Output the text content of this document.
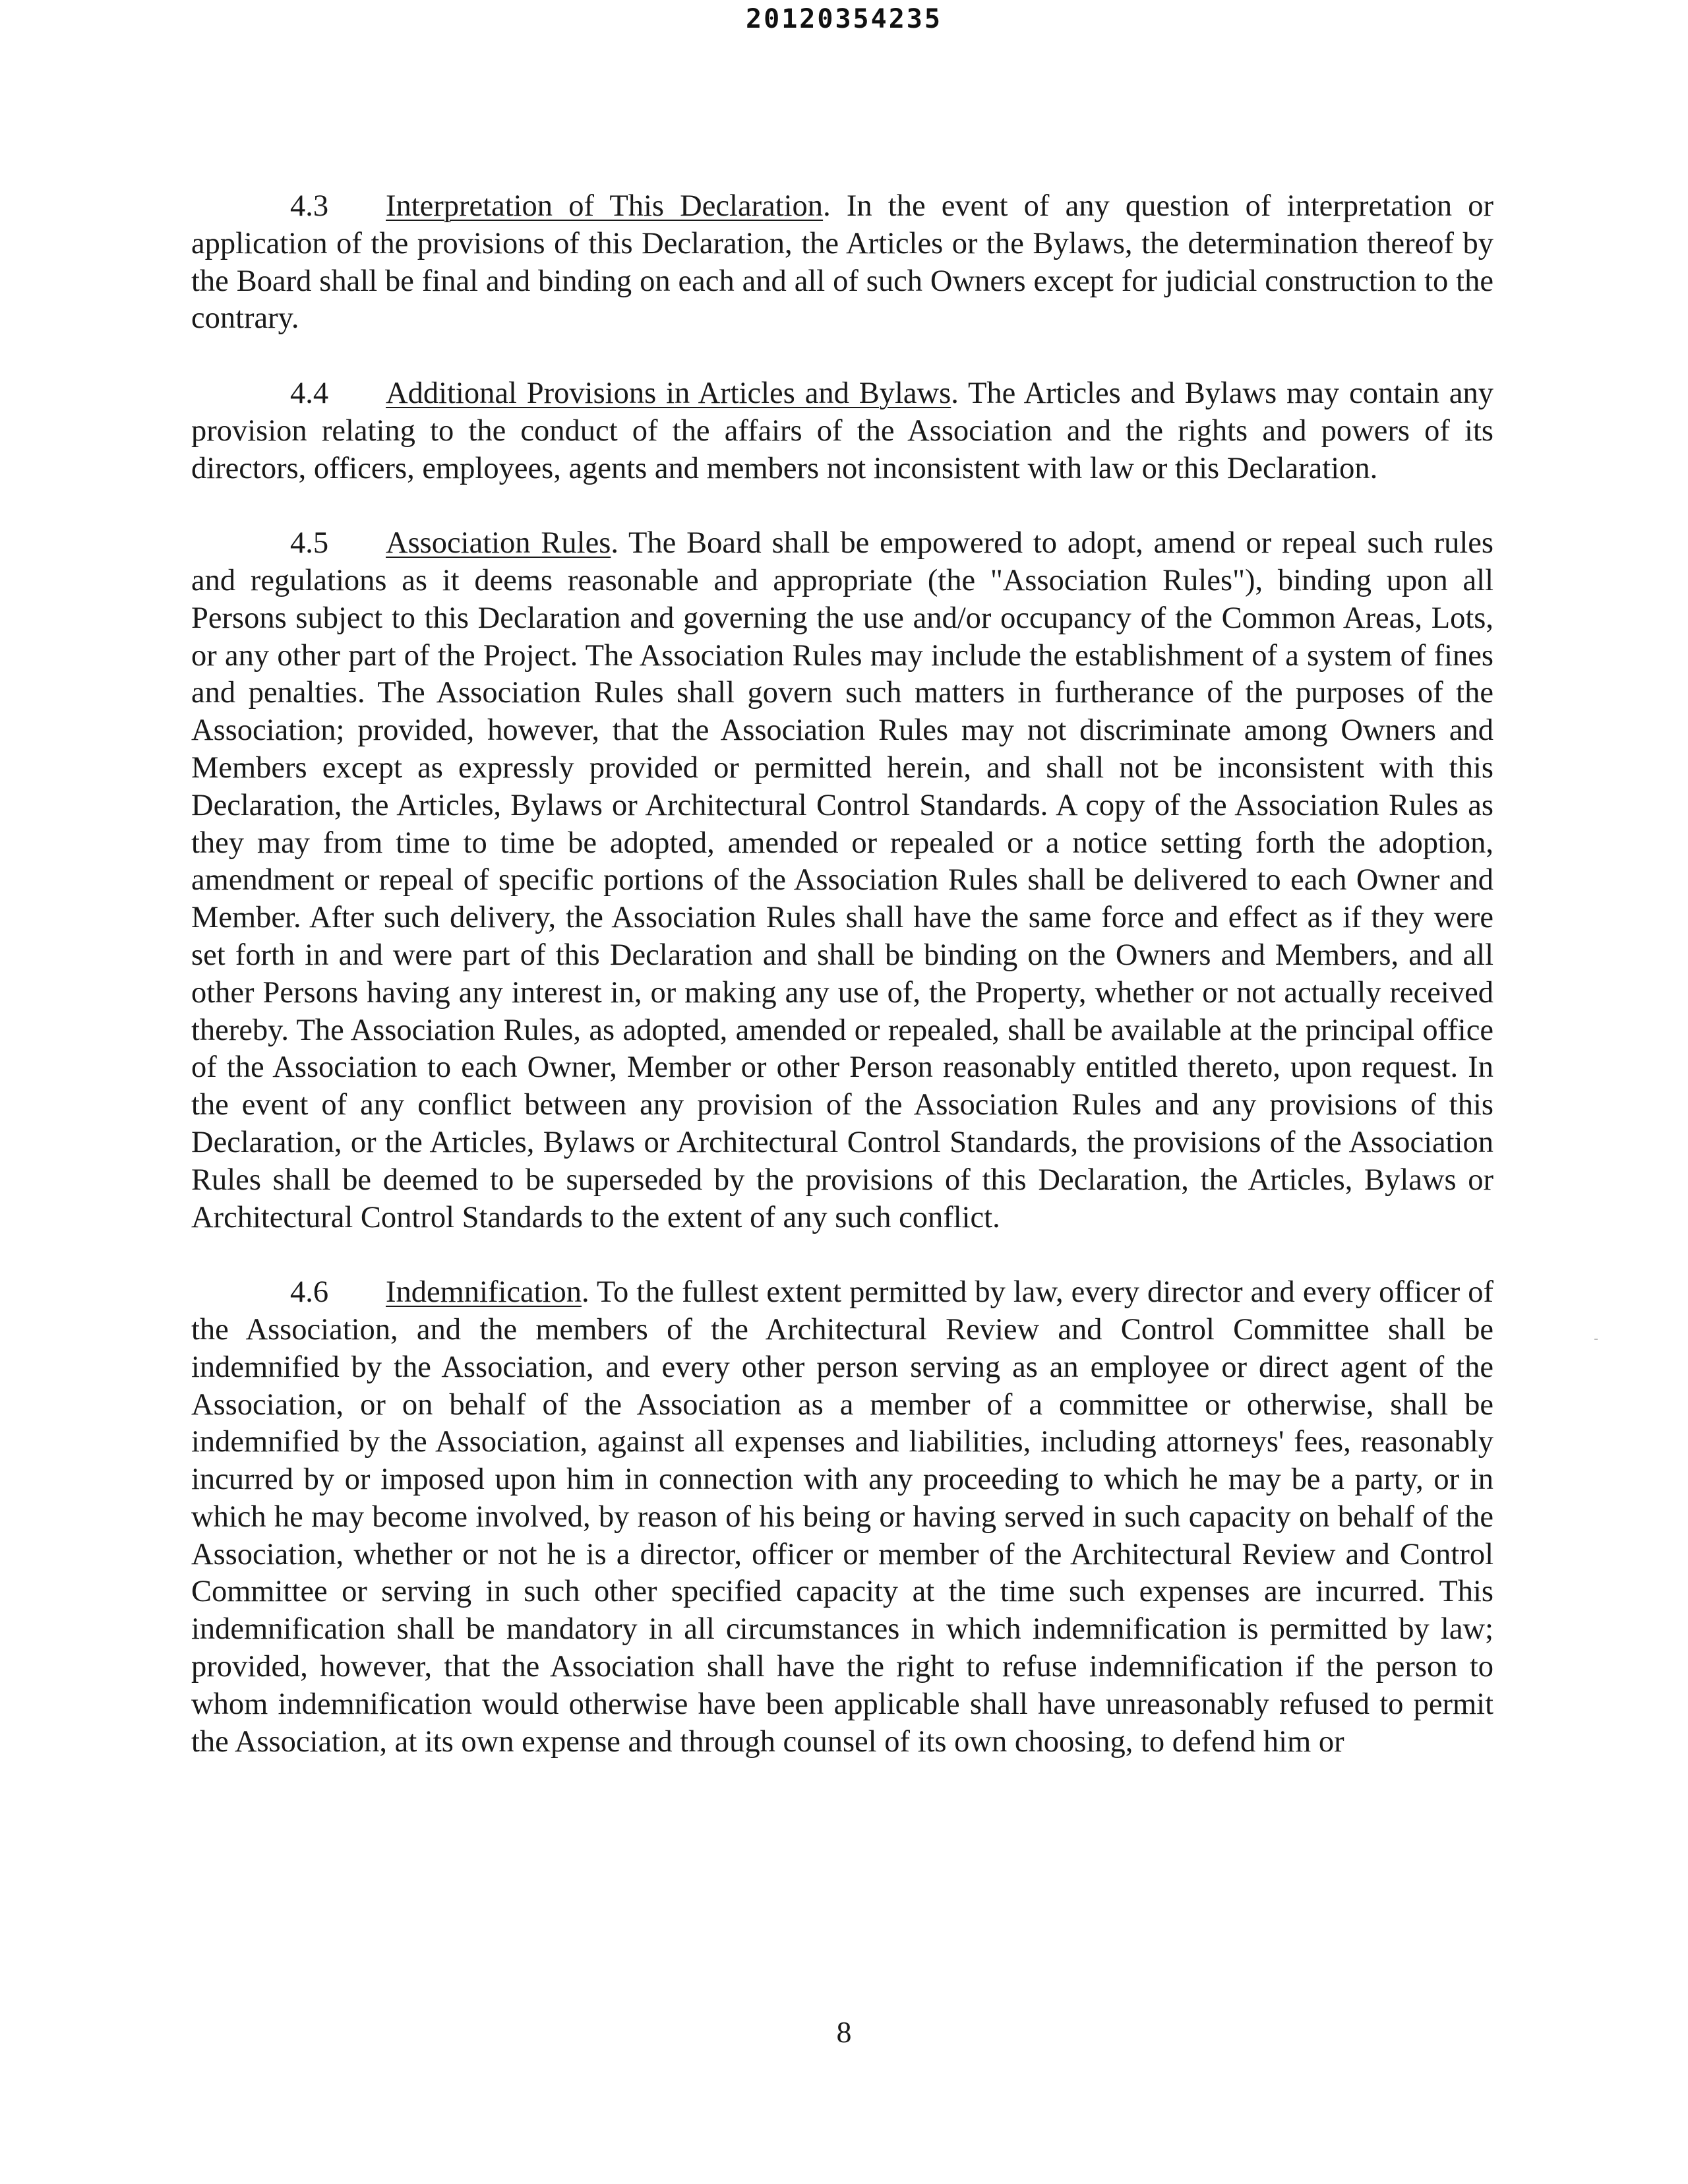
20120354235

4.3 Interpretation of This Declaration. In the event of any question of interpretation or application of the provisions of this Declaration, the Articles or the Bylaws, the determination thereof by the Board shall be final and binding on each and all of such Owners except for judicial construction to the contrary.

4.4 Additional Provisions in Articles and Bylaws. The Articles and Bylaws may contain any provision relating to the conduct of the affairs of the Association and the rights and powers of its directors, officers, employees, agents and members not inconsistent with law or this Declaration.

4.5 Association Rules. The Board shall be empowered to adopt, amend or repeal such rules and regulations as it deems reasonable and appropriate (the "Association Rules"), binding upon all Persons subject to this Declaration and governing the use and/or occupancy of the Common Areas, Lots, or any other part of the Project. The Association Rules may include the establishment of a system of fines and penalties. The Association Rules shall govern such matters in furtherance of the purposes of the Association; provided, however, that the Association Rules may not discriminate among Owners and Members except as expressly provided or permitted herein, and shall not be inconsistent with this Declaration, the Articles, Bylaws or Architectural Control Standards. A copy of the Association Rules as they may from time to time be adopted, amended or repealed or a notice setting forth the adoption, amendment or repeal of specific portions of the Association Rules shall be delivered to each Owner and Member. After such delivery, the Association Rules shall have the same force and effect as if they were set forth in and were part of this Declaration and shall be binding on the Owners and Members, and all other Persons having any interest in, or making any use of, the Property, whether or not actually received thereby. The Association Rules, as adopted, amended or repealed, shall be available at the principal office of the Association to each Owner, Member or other Person reasonably entitled thereto, upon request. In the event of any conflict between any provision of the Association Rules and any provisions of this Declaration, or the Articles, Bylaws or Architectural Control Standards, the provisions of the Association Rules shall be deemed to be superseded by the provisions of this Declaration, the Articles, Bylaws or Architectural Control Standards to the extent of any such conflict.

4.6 Indemnification. To the fullest extent permitted by law, every director and every officer of the Association, and the members of the Architectural Review and Control Committee shall be indemnified by the Association, and every other person serving as an employee or direct agent of the Association, or on behalf of the Association as a member of a committee or otherwise, shall be indemnified by the Association, against all expenses and liabilities, including attorneys' fees, reasonably incurred by or imposed upon him in connection with any proceeding to which he may be a party, or in which he may become involved, by reason of his being or having served in such capacity on behalf of the Association, whether or not he is a director, officer or member of the Architectural Review and Control Committee or serving in such other specified capacity at the time such expenses are incurred. This indemnification shall be mandatory in all circumstances in which indemnification is permitted by law; provided, however, that the Association shall have the right to refuse indemnification if the person to whom indemnification would otherwise have been applicable shall have unreasonably refused to permit the Association, at its own expense and through counsel of its own choosing, to defend him or

8
